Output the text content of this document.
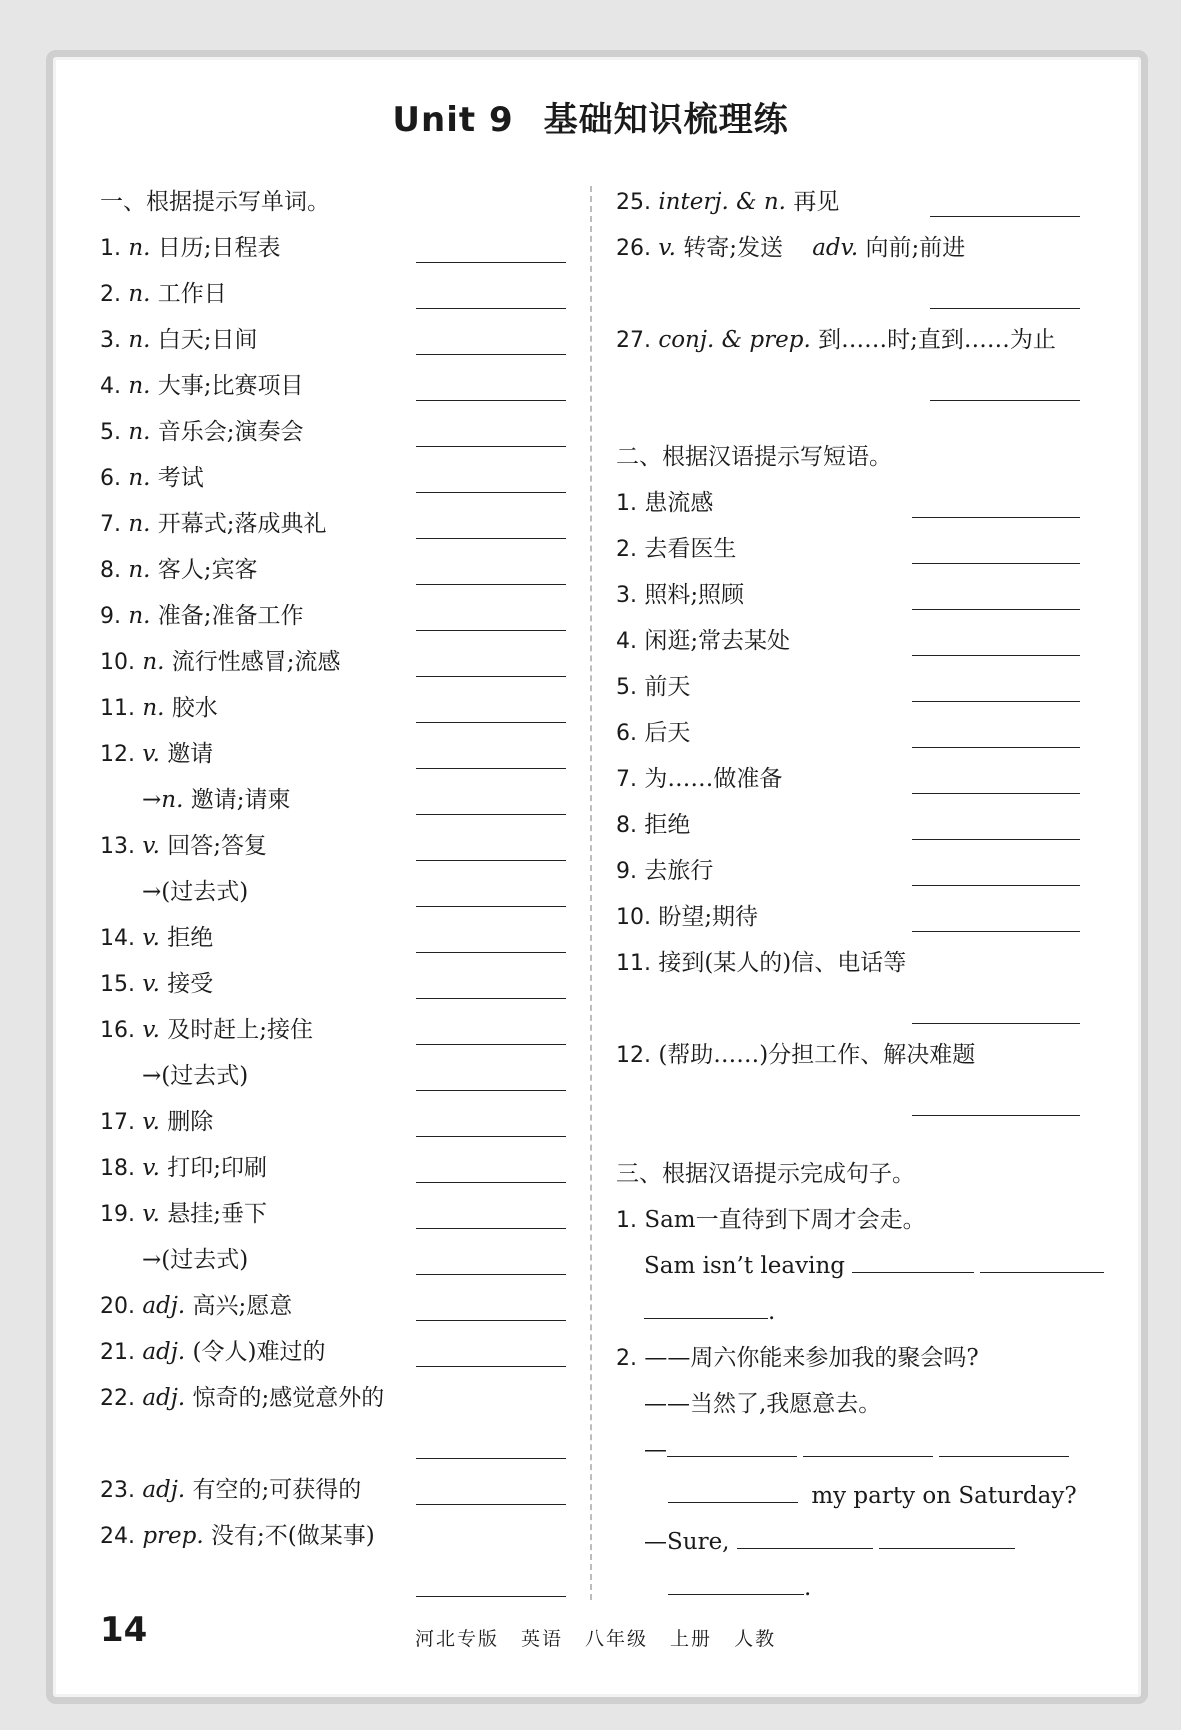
Unit 9 基础知识梳理练
一、根据提示写单词。
1. n. 日历;日程表
2. n. 工作日
3. n. 白天;日间
4. n. 大事;比赛项目
5. n. 音乐会;演奏会
6. n. 考试
7. n. 开幕式;落成典礼
8. n. 客人;宾客
9. n. 准备;准备工作
10. n. 流行性感冒;流感
11. n. 胶水
12. v. 邀请
→n. 邀请;请柬
13. v. 回答;答复
→(过去式)
14. v. 拒绝
15. v. 接受
16. v. 及时赶上;接住
→(过去式)
17. v. 删除
18. v. 打印;印刷
19. v. 悬挂;垂下
→(过去式)
20. adj. 高兴;愿意
21. adj. (令人)难过的
22. adj. 惊奇的;感觉意外的
23. adj. 有空的;可获得的
24. prep. 没有;不(做某事)
25. interj. & n. 再见
26. v. 转寄;发送 adv. 向前;前进
27. conj. & prep. 到……时;直到……为止
二、根据汉语提示写短语。
1. 患流感
2. 去看医生
3. 照料;照顾
4. 闲逛;常去某处
5. 前天
6. 后天
7. 为……做准备
8. 拒绝
9. 去旅行
10. 盼望;期待
11. 接到(某人的)信、电话等
12. (帮助……)分担工作、解决难题
三、根据汉语提示完成句子。
1. Sam一直待到下周才会走。
Sam isn’t leaving
.
2. ——周六你能来参加我的聚会吗?
——当然了,我愿意去。
—
my party on Saturday?
—Sure,
.
14	河北专版 英语 八年级 上册 人教
